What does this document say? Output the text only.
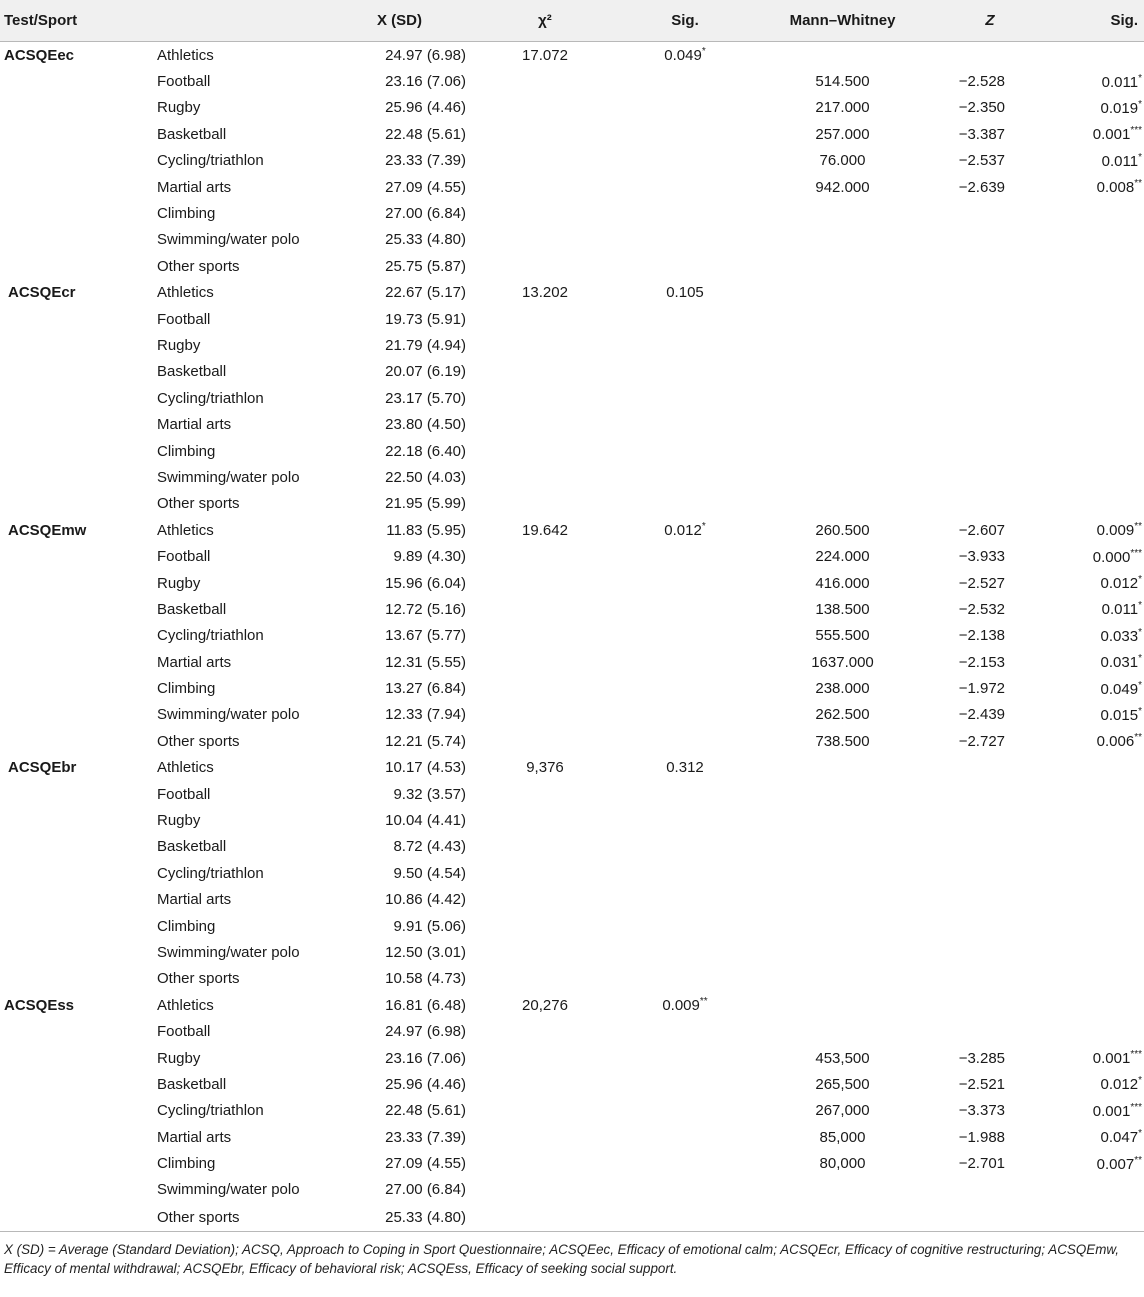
Test/Sport		X (SD)	χ²	Sig.	Mann–Whitney	Z	Sig.
ACSQEec	Athletics	24.97 (6.98)	17.072	0.049*			
	Football	23.16 (7.06)			514.500	−2.528	0.011*
	Rugby	25.96 (4.46)			217.000	−2.350	0.019*
	Basketball	22.48 (5.61)			257.000	−3.387	0.001***
	Cycling/triathlon	23.33 (7.39)			76.000	−2.537	0.011*
	Martial arts	27.09 (4.55)			942.000	−2.639	0.008**
	Climbing	27.00 (6.84)					
	Swimming/water polo	25.33 (4.80)					
	Other sports	25.75 (5.87)					
ACSQEcr	Athletics	22.67 (5.17)	13.202	0.105			
	Football	19.73 (5.91)					
	Rugby	21.79 (4.94)					
	Basketball	20.07 (6.19)					
	Cycling/triathlon	23.17 (5.70)					
	Martial arts	23.80 (4.50)					
	Climbing	22.18 (6.40)					
	Swimming/water polo	22.50 (4.03)					
	Other sports	21.95 (5.99)					
ACSQEmw	Athletics	11.83 (5.95)	19.642	0.012*	260.500	−2.607	0.009**
	Football	9.89 (4.30)			224.000	−3.933	0.000***
	Rugby	15.96 (6.04)			416.000	−2.527	0.012*
	Basketball	12.72 (5.16)			138.500	−2.532	0.011*
	Cycling/triathlon	13.67 (5.77)			555.500	−2.138	0.033*
	Martial arts	12.31 (5.55)			1637.000	−2.153	0.031*
	Climbing	13.27 (6.84)			238.000	−1.972	0.049*
	Swimming/water polo	12.33 (7.94)			262.500	−2.439	0.015*
	Other sports	12.21 (5.74)			738.500	−2.727	0.006**
ACSQEbr	Athletics	10.17 (4.53)	9,376	0.312			
	Football	9.32 (3.57)					
	Rugby	10.04 (4.41)					
	Basketball	8.72 (4.43)					
	Cycling/triathlon	9.50 (4.54)					
	Martial arts	10.86 (4.42)					
	Climbing	9.91 (5.06)					
	Swimming/water polo	12.50 (3.01)					
	Other sports	10.58 (4.73)					
ACSQEss	Athletics	16.81 (6.48)	20,276	0.009**			
	Football	24.97 (6.98)					
	Rugby	23.16 (7.06)			453,500	−3.285	0.001***
	Basketball	25.96 (4.46)			265,500	−2.521	0.012*
	Cycling/triathlon	22.48 (5.61)			267,000	−3.373	0.001***
	Martial arts	23.33 (7.39)			85,000	−1.988	0.047*
	Climbing	27.09 (4.55)			80,000	−2.701	0.007**
	Swimming/water polo	27.00 (6.84)					
	Other sports	25.33 (4.80)					
X (SD) = Average (Standard Deviation); ACSQ, Approach to Coping in Sport Questionnaire; ACSQEec, Efficacy of emotional calm; ACSQEcr, Efficacy of cognitive restructuring; ACSQEmw, Efficacy of mental withdrawal; ACSQEbr, Efficacy of behavioral risk; ACSQEss, Efficacy of seeking social support.
